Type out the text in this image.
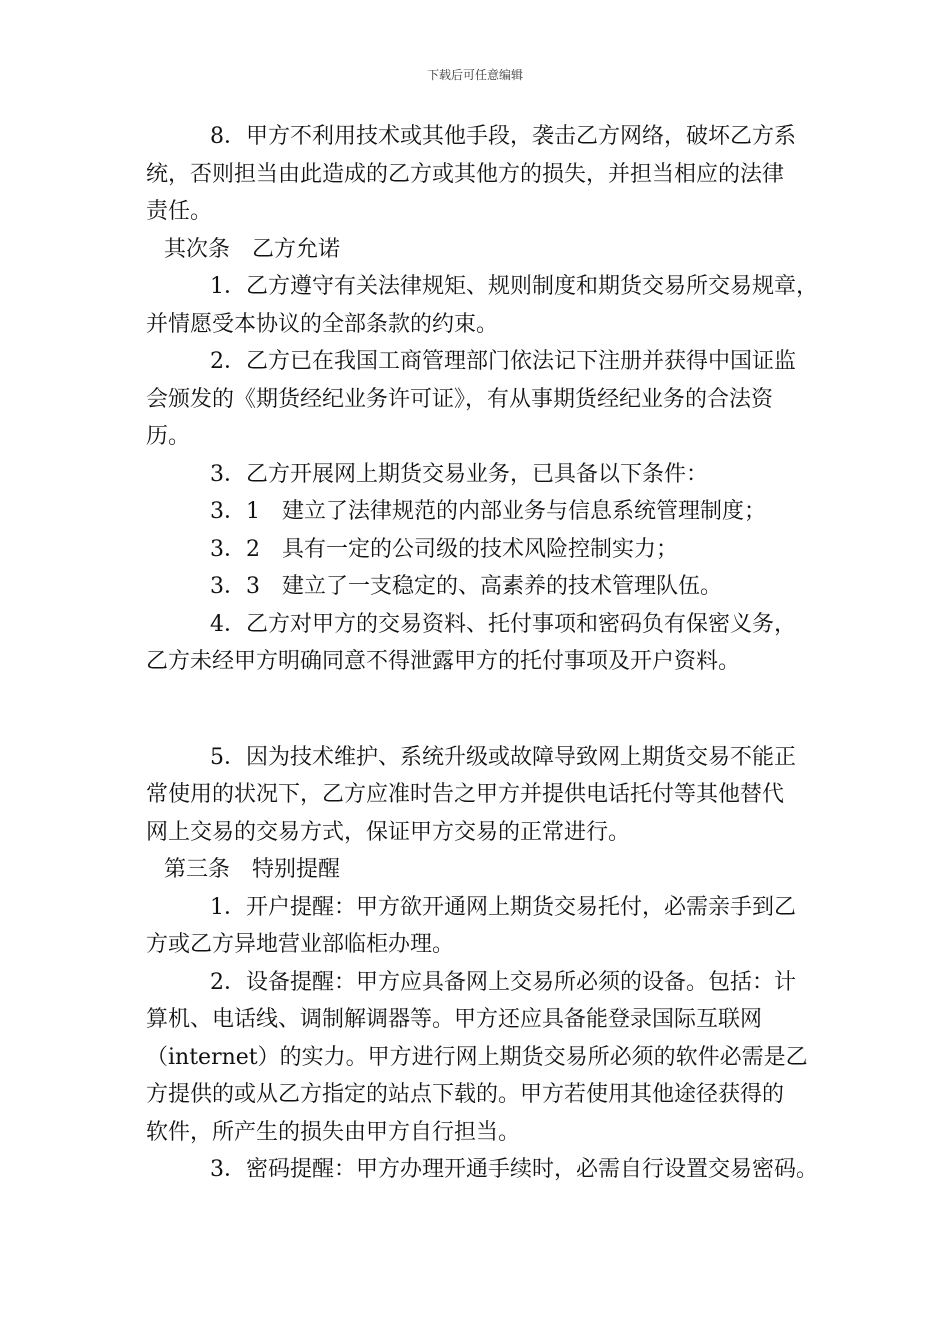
下载后可任意编辑
8．甲方不利用技术或其他手段，袭击乙方网络，破坏乙方系
统，否则担当由此造成的乙方或其他方的损失，并担当相应的法律
责任。
其次条　乙方允诺
1．乙方遵守有关法律规矩、规则制度和期货交易所交易规章，
并情愿受本协议的全部条款的约束。
2．乙方已在我国工商管理部门依法记下注册并获得中国证监
会颁发的《期货经纪业务许可证》，有从事期货经纪业务的合法资
历。
3．乙方开展网上期货交易业务，已具备以下条件：
3．1　建立了法律规范的内部业务与信息系统管理制度；
3．2　具有一定的公司级的技术风险控制实力；
3．3　建立了一支稳定的、高素养的技术管理队伍。
4．乙方对甲方的交易资料、托付事项和密码负有保密义务，
乙方未经甲方明确同意不得泄露甲方的托付事项及开户资料。
5．因为技术维护、系统升级或故障导致网上期货交易不能正
常使用的状况下，乙方应准时告之甲方并提供电话托付等其他替代
网上交易的交易方式，保证甲方交易的正常进行。
第三条　特别提醒
1．开户提醒：甲方欲开通网上期货交易托付，必需亲手到乙
方或乙方异地营业部临柜办理。
2．设备提醒：甲方应具备网上交易所必须的设备。包括：计
算机、电话线、调制解调器等。甲方还应具备能登录国际互联网
（internet）的实力。甲方进行网上期货交易所必须的软件必需是乙
方提供的或从乙方指定的站点下载的。甲方若使用其他途径获得的
软件，所产生的损失由甲方自行担当。
3．密码提醒：甲方办理开通手续时，必需自行设置交易密码。
